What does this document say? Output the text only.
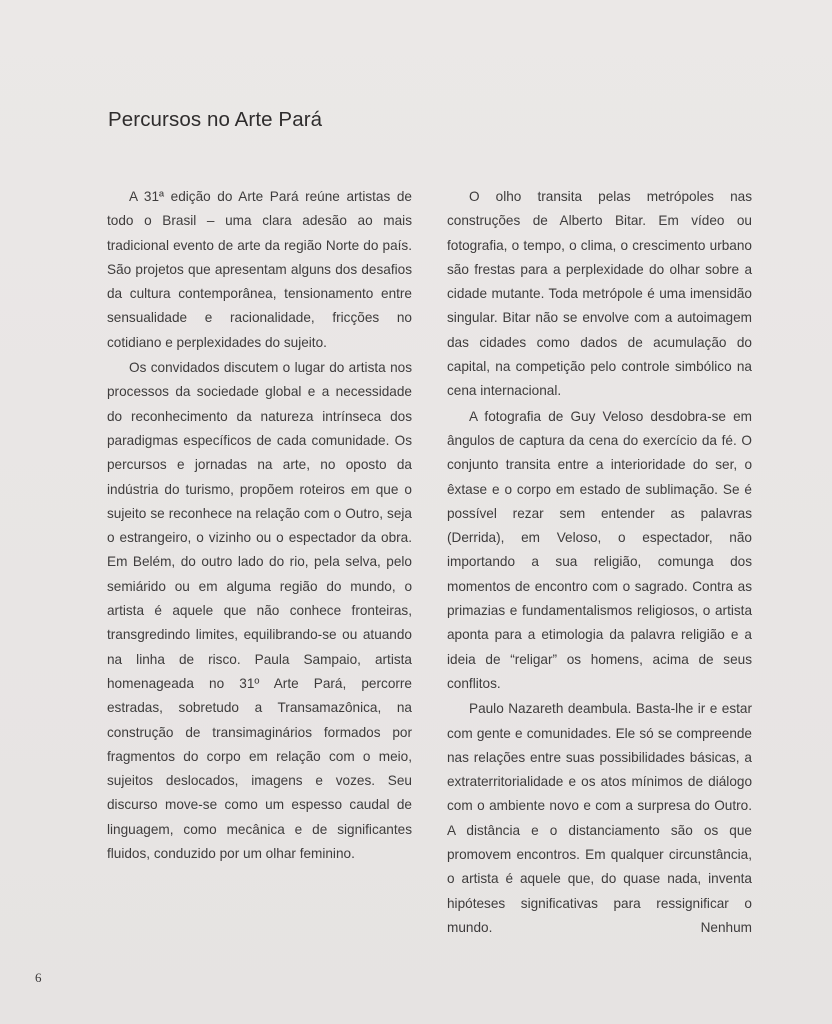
Percursos no Arte Pará

A 31ª edição do Arte Pará reúne artistas de todo o Brasil – uma clara adesão ao mais tradicional evento de arte da região Norte do país. São projetos que apresentam alguns dos desafios da cultura contemporânea, tensionamento entre sensualidade e racionalidade, fricções no cotidiano e perplexidades do sujeito.

Os convidados discutem o lugar do artista nos processos da sociedade global e a necessidade do reconhecimento da natureza intrínseca dos paradigmas específicos de cada comunidade. Os percursos e jornadas na arte, no oposto da indústria do turismo, propõem roteiros em que o sujeito se reconhece na relação com o Outro, seja o estrangeiro, o vizinho ou o espectador da obra. Em Belém, do outro lado do rio, pela selva, pelo semiárido ou em alguma região do mundo, o artista é aquele que não conhece fronteiras, transgredindo limites, equilibrando-se ou atuando na linha de risco. Paula Sampaio, artista homenageada no 31º Arte Pará, percorre estradas, sobretudo a Transamazônica, na construção de transimaginários formados por fragmentos do corpo em relação com o meio, sujeitos deslocados, imagens e vozes. Seu discurso move-se como um espesso caudal de linguagem, como mecânica e de significantes fluidos, conduzido por um olhar feminino.

O olho transita pelas metrópoles nas construções de Alberto Bitar. Em vídeo ou fotografia, o tempo, o clima, o crescimento urbano são frestas para a perplexidade do olhar sobre a cidade mutante. Toda metrópole é uma imensidão singular. Bitar não se envolve com a autoimagem das cidades como dados de acumulação do capital, na competição pelo controle simbólico na cena internacional.

A fotografia de Guy Veloso desdobra-se em ângulos de captura da cena do exercício da fé. O conjunto transita entre a interioridade do ser, o êxtase e o corpo em estado de sublimação. Se é possível rezar sem entender as palavras (Derrida), em Veloso, o espectador, não importando a sua religião, comunga dos momentos de encontro com o sagrado. Contra as primazias e fundamentalismos religiosos, o artista aponta para a etimologia da palavra religião e a ideia de “religar” os homens, acima de seus conflitos.

Paulo Nazareth deambula. Basta-lhe ir e estar com gente e comunidades. Ele só se compreende nas relações entre suas possibilidades básicas, a extraterritorialidade e os atos mínimos de diálogo com o ambiente novo e com a surpresa do Outro. A distância e o distanciamento são os que promovem encontros. Em qualquer circunstância, o artista é aquele que, do quase nada, inventa hipóteses significativas para ressignificar o mundo. Nenhum

6
